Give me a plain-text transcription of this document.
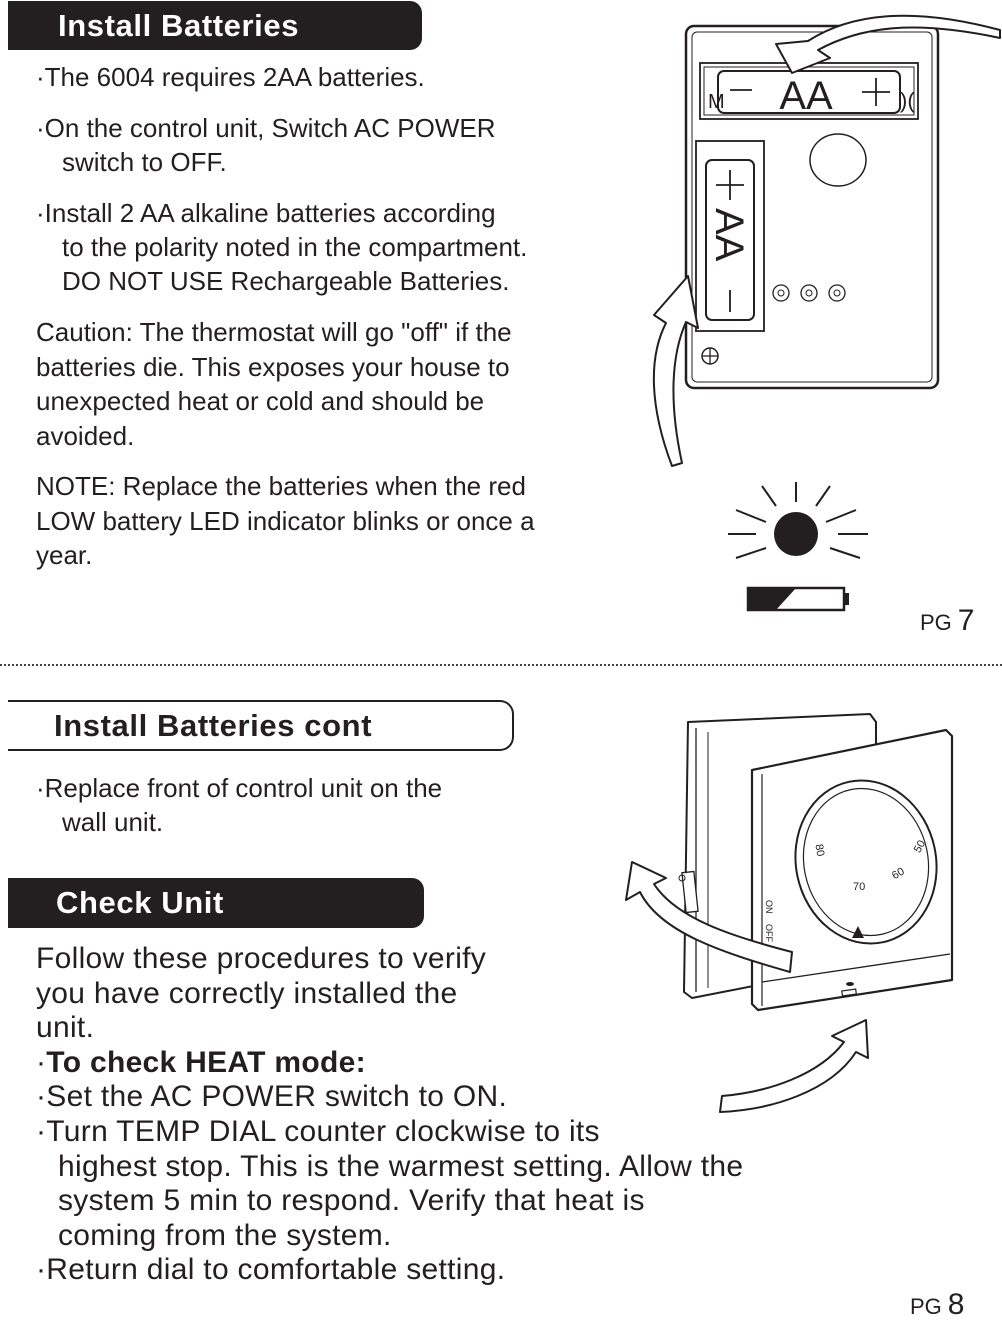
Install Batteries
·The 6004 requires 2AA batteries.
·On the control unit, Switch AC POWER
switch to OFF.
·Install 2 AA alkaline batteries according
to the polarity noted in the compartment.
DO NOT USE Rechargeable Batteries.
Caution: The thermostat will go "off" if the
batteries die. This exposes your house to
unexpected heat or cold and should be
avoided.
NOTE: Replace the batteries when the red
LOW battery LED indicator blinks or once a
year.
AA
M	)(
AA
PG 7
Install Batteries cont
·Replace front of control unit on the
wall unit.
Check Unit
Follow these procedures to verify
you have correctly installed the
unit.
·To check HEAT mode:
·Set the AC POWER switch to ON.
·Turn TEMP DIAL counter clockwise to its
highest stop. This is the warmest setting. Allow the
system 5 min to respond. Verify that heat is
coming from the system.
·Return dial to comfortable setting.
80
70
60
50
ON
OFF
PG 8
